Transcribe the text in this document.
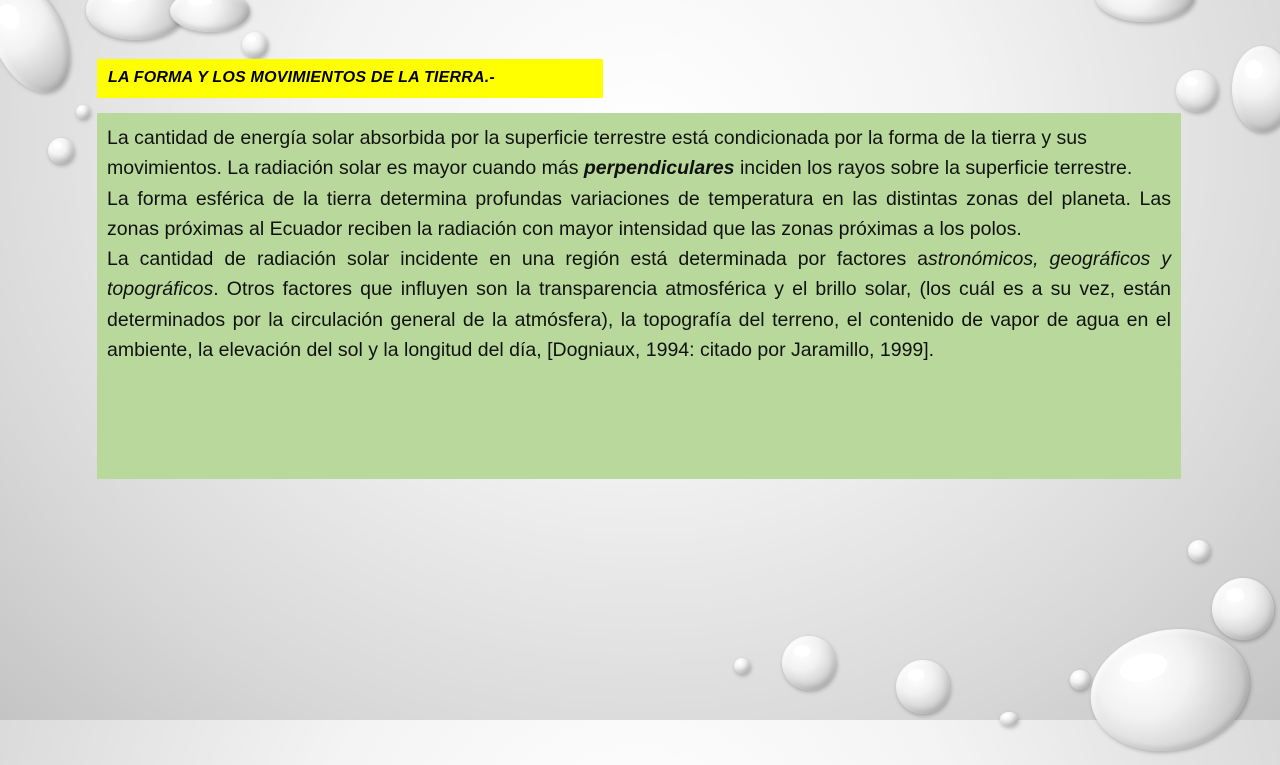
LA FORMA Y LOS MOVIMIENTOS DE LA TIERRA.-

La cantidad de energía solar absorbida por la superficie terrestre está condicionada por la forma de la tierra y sus movimientos. La radiación solar es mayor cuando más perpendiculares inciden los rayos sobre la superficie terrestre.

La forma esférica de la tierra determina profundas variaciones de temperatura en las distintas zonas del planeta. Las zonas próximas al Ecuador reciben la radiación con mayor intensidad que las zonas próximas a los polos.

La cantidad de radiación solar incidente en una región está determinada por factores astronómicos, geográficos y topográficos. Otros factores que influyen son la transparencia atmosférica y el brillo solar, (los cuál es a su vez, están determinados por la circulación general de la atmósfera), la topografía del terreno, el contenido de vapor de agua en el ambiente, la elevación del sol y la longitud del día, [Dogniaux, 1994: citado por Jaramillo, 1999].
